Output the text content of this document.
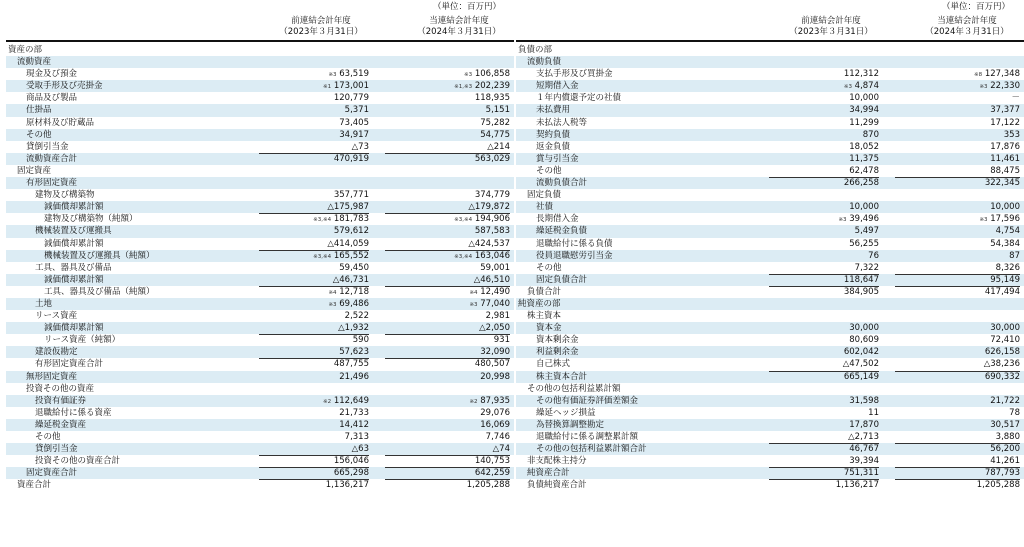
（単位：百万円）
前連結会計年度
（2023年３月31日）
当連結会計年度
（2024年３月31日）
資産の部
流動資産
現金及び預金	※3 63,519	※3 106,858
受取手形及び売掛金	※1 173,001	※1,※3 202,239
商品及び製品	120,779	118,935
仕掛品	5,371	5,151
原材料及び貯蔵品	73,405	75,282
その他	34,917	54,775
貸倒引当金	△73	△214
流動資産合計	470,919	563,029
固定資産
有形固定資産
建物及び構築物	357,771	374,779
減価償却累計額	△175,987	△179,872
建物及び構築物（純額）	※3,※4 181,783	※3,※4 194,906
機械装置及び運搬具	579,612	587,583
減価償却累計額	△414,059	△424,537
機械装置及び運搬具（純額）	※3,※4 165,552	※3,※4 163,046
工具、器具及び備品	59,450	59,001
減価償却累計額	△46,731	△46,510
工具、器具及び備品（純額）	※4 12,718	※4 12,490
土地	※3 69,486	※3 77,040
リース資産	2,522	2,981
減価償却累計額	△1,932	△2,050
リース資産（純額）	590	931
建設仮勘定	57,623	32,090
有形固定資産合計	487,755	480,507
無形固定資産	21,496	20,998
投資その他の資産
投資有価証券	※2 112,649	※2 87,935
退職給付に係る資産	21,733	29,076
繰延税金資産	14,412	16,069
その他	7,313	7,746
貸倒引当金	△63	△74
投資その他の資産合計	156,046	140,753
固定資産合計	665,298	642,259
資産合計	1,136,217	1,205,288
（単位：百万円）
前連結会計年度
（2023年３月31日）
当連結会計年度
（2024年３月31日）
負債の部
流動負債
支払手形及び買掛金	112,312	※8 127,348
短期借入金	※3 4,874	※3 22,330
１年内償還予定の社債	10,000	－
未払費用	34,994	37,377
未払法人税等	11,299	17,122
契約負債	870	353
返金負債	18,052	17,876
賞与引当金	11,375	11,461
その他	62,478	88,475
流動負債合計	266,258	322,345
固定負債
社債	10,000	10,000
長期借入金	※3 39,496	※3 17,596
繰延税金負債	5,497	4,754
退職給付に係る負債	56,255	54,384
役員退職慰労引当金	76	87
その他	7,322	8,326
固定負債合計	118,647	95,149
負債合計	384,905	417,494
純資産の部
株主資本
資本金	30,000	30,000
資本剰余金	80,609	72,410
利益剰余金	602,042	626,158
自己株式	△47,502	△38,236
株主資本合計	665,149	690,332
その他の包括利益累計額
その他有価証券評価差額金	31,598	21,722
繰延ヘッジ損益	11	78
為替換算調整勘定	17,870	30,517
退職給付に係る調整累計額	△2,713	3,880
その他の包括利益累計額合計	46,767	56,200
非支配株主持分	39,394	41,261
純資産合計	751,311	787,793
負債純資産合計	1,136,217	1,205,288
